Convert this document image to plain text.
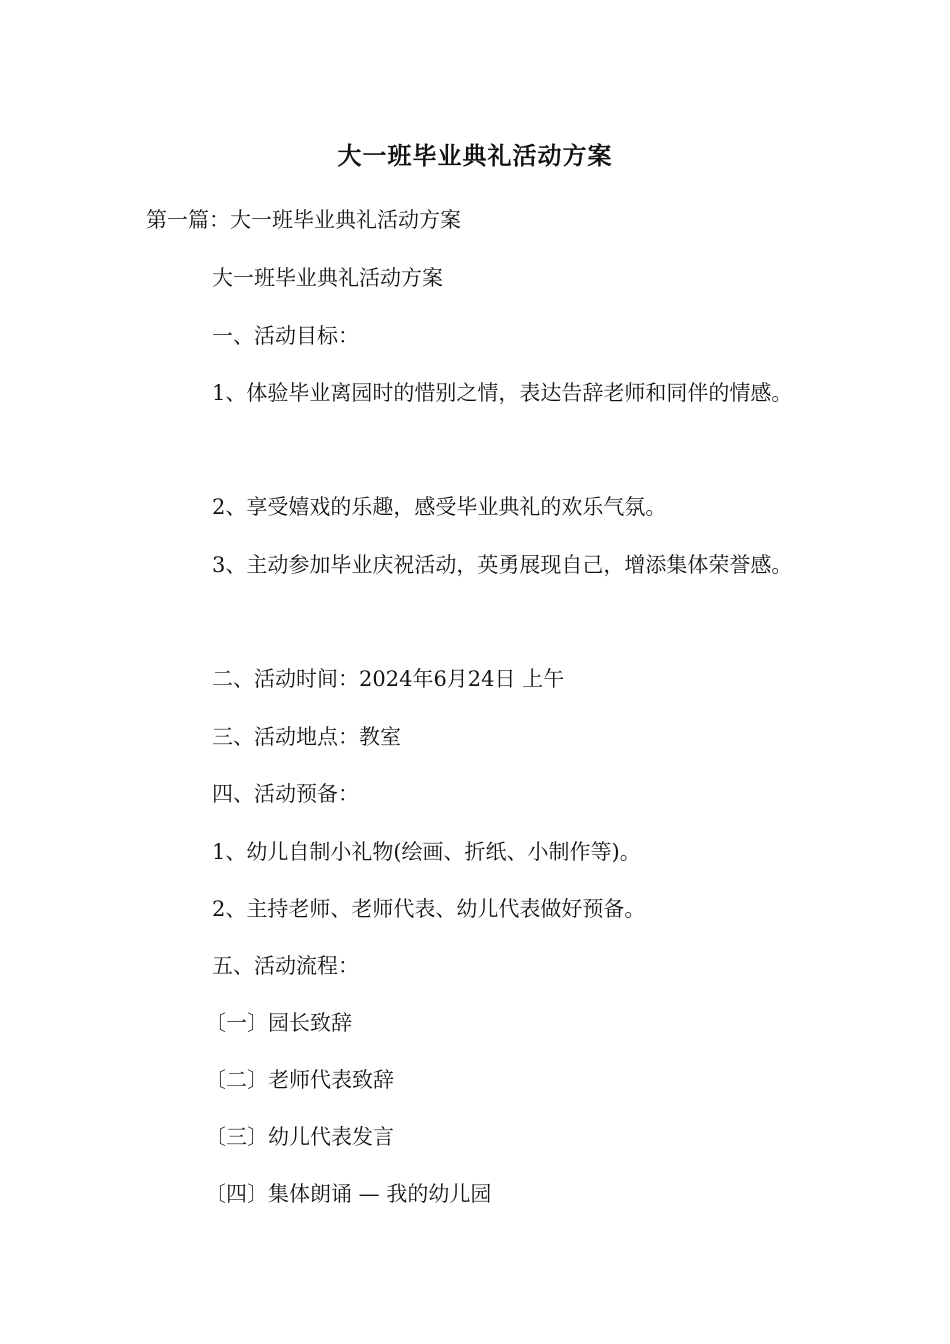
大一班毕业典礼活动方案
第一篇：大一班毕业典礼活动方案
大一班毕业典礼活动方案
一、活动目标：
1、体验毕业离园时的惜别之情，表达告辞老师和同伴的情感。
2、享受嬉戏的乐趣，感受毕业典礼的欢乐气氛。
3、主动参加毕业庆祝活动，英勇展现自己，增添集体荣誉感。
二、活动时间：2024年6月24日 上午
三、活动地点：教室
四、活动预备：
1、幼儿自制小礼物(绘画、折纸、小制作等)。
2、主持老师、老师代表、幼儿代表做好预备。
五、活动流程：
〔一〕园长致辞
〔二〕老师代表致辞
〔三〕幼儿代表发言
〔四〕集体朗诵 — 我的幼儿园
